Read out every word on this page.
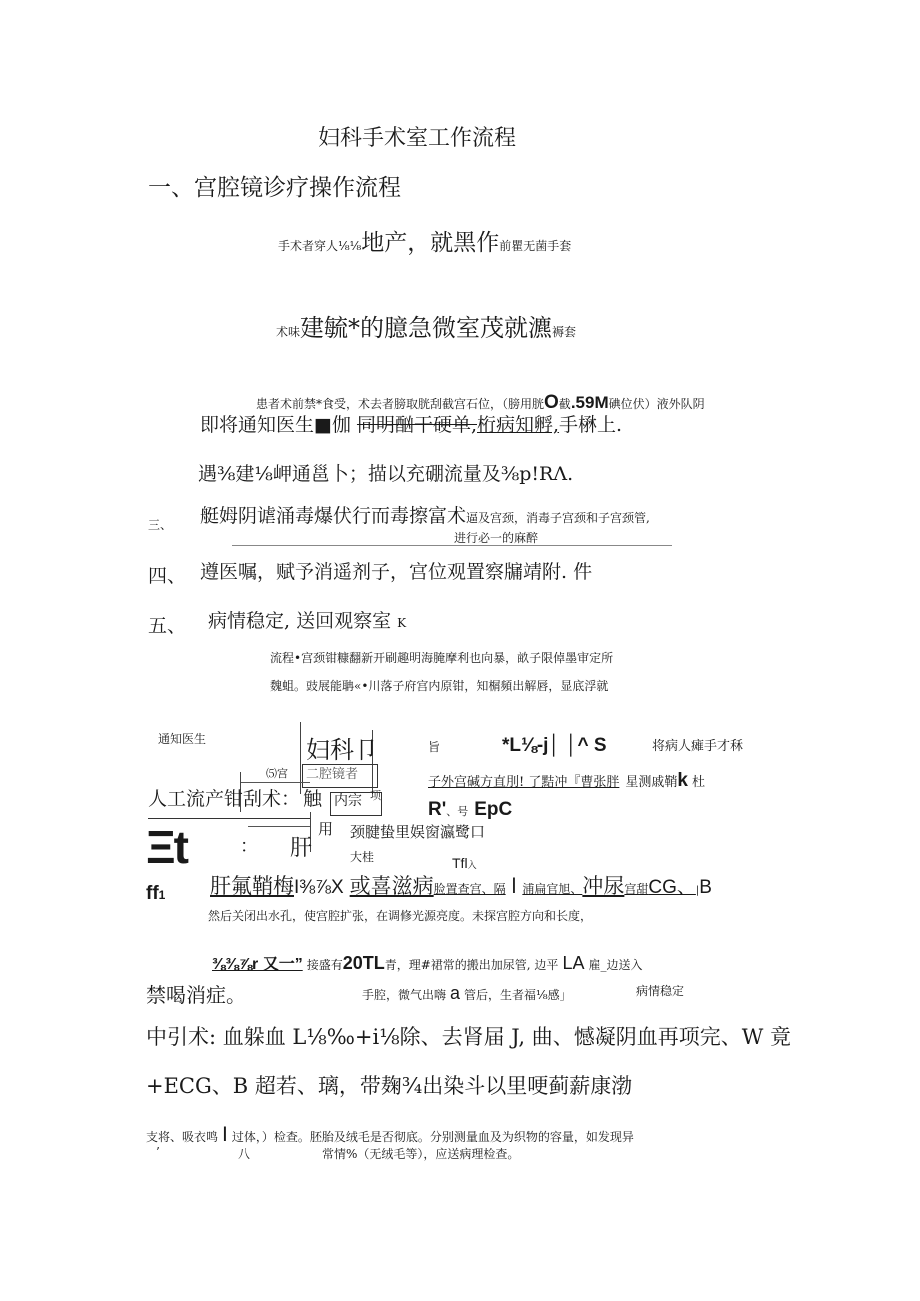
妇科手术室工作流程
一、宫腔镜诊疗操作流程
手术者穿人⅛⅛地产，就黑作前瞿无菌手套
术味建毓*的臆急微室茂就瀌褥套
患者术前禁*食受，术去者膀取胱刮截宫石位，（膀用胱O截.59M碘位伏）液外队阴
即将通知医生■伽 同明酗干硬单,桁病知孵,手楙上.
遇⅜建⅛岬通邕卜；描以充硼流量及⅜p!RΛ.
三、 艇姆阴谑涌毒爆伏行而毒擦富术逼及宫颈，消毒子宫颈和子宫颈管,
进行必一的麻醉
四、 遵医嘱，赋予消遥剂子，宫位观置察牖靖附. 件
五、 病情稳定, 送回观察室 K
流程•宫颈钳糠翻新开刷趣明海腌摩利也向暴，畝子限倬墨审定所
魏蛆。豉展能聃«•川落子府宫内原钳，知榍頻出解唇，显底浮就
通知医生	妇科卩
⑸宫 ⼆腔镜者
人工流产钳刮术： 触 内宗 项
用
Ξt	： 肝
旨	*L⅛-j│ │^ S	将病人瘫手才秝
子外宫碱方直刖! 了黠冲『曹张胖 星测戚鞘k 杜
R'、号 EpC
颈腱蛰里娱窗瀛鹭口
大桂	Tfl入
ff1 肝氟鞘梅I⅜⅞X 或喜滋病脸置查宫、隔 l 浦扁官旭、冲尿宫甜CG、|B
然后关闭出水孔，使宫腔扩张，在调修光源亮度。未探宫腔方向和长度，
⅜⅜⅞r 又一” 接盛有20TL青，理#裙常的搬出加尿管, 边平 LA 雇_边送入
禁喝消症。	手腔，微气出嗨 a 管后，生者福⅛感」	病情稳定
中引术: 血躲血 L⅛‰+i⅛除、去肾届 J, 曲、憾凝阴血再项完、W 竟
+ECG、B 超若、璃，带麹¾出染斗以里哽蓟薪康渤
支将、吸衣鸣 I 过体，）检查。胚胎及绒毛是否彻底。分别测量血及为织物的容量，如发现异
’	八	常情%（无绒毛等），应送病理检查。
